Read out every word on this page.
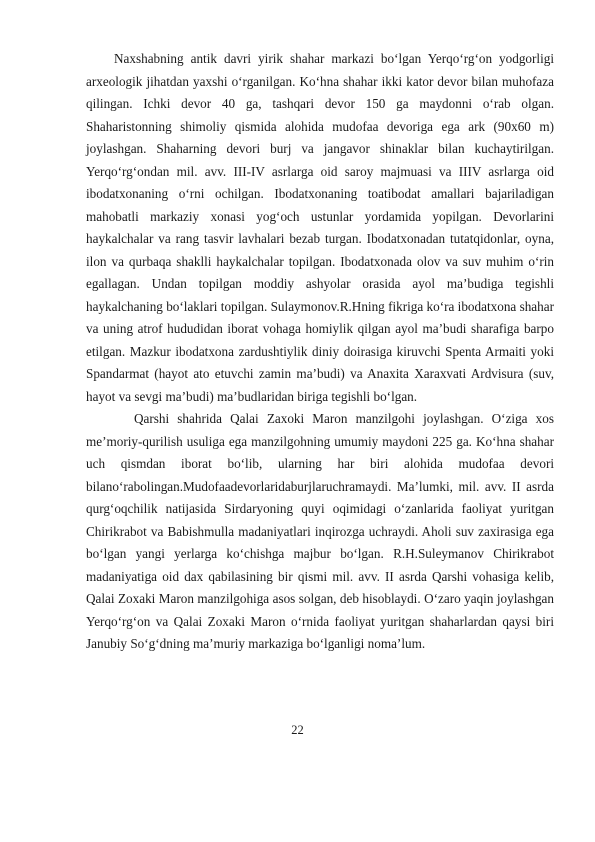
Naxshabning antik davri yirik shahar markazi bo‘lgan Yerqo‘rg‘on yodgorligi arxeologik jihatdan yaxshi o‘rganilgan. Ko‘hna shahar ikki kator devor bilan muhofaza qilingan. Ichki devor 40 ga, tashqari devor 150 ga maydonni o‘rab olgan. Shaharistonning shimoliy qismida alohida mudofaa devoriga ega ark (90x60 m) joylashgan. Shaharning devori burj va jangavor shinaklar bilan kuchaytirilgan. Yerqo‘rg‘ondan mil. avv. III-IV asrlarga oid saroy majmuasi va IIIV asrlarga oid ibodatxonaning o‘rni ochilgan. Ibodatxonaning toatibodat amallari bajariladigan mahobatli markaziy xonasi yog‘och ustunlar yordamida yopilgan. Devorlarini haykalchalar va rang tasvir lavhalari bezab turgan. Ibodatxonadan tutatqidonlar, oyna, ilon va qurbaqa shaklli haykalchalar topilgan. Ibodatxonada olov va suv muhim o‘rin egallagan. Undan topilgan moddiy ashyolar orasida ayol ma’budiga tegishli haykalchaning bo‘laklari topilgan. Sulaymonov.R.Hning fikriga ko‘ra ibodatxona shahar va uning atrof hududidan iborat vohaga homiylik qilgan ayol ma’budi sharafiga barpo etilgan. Mazkur ibodatxona zardushtiylik diniy doirasiga kiruvchi Spenta Armaiti yoki Spandarmat (hayot ato etuvchi zamin ma’budi) va Anaxita Xaraxvati Ardvisura (suv, hayot va sevgi ma’budi) ma’budlaridan biriga tegishli bo‘lgan.

Qarshi shahrida Qalai Zaxoki Maron manzilgohi joylashgan. O‘ziga xos me’moriy-qurilish usuliga ega manzilgohning umumiy maydoni 225 ga. Ko‘hna shahar uch qismdan iborat bo‘lib, ularning har biri alohida mudofaa devori bilano‘rabolingan.Mudofaadevorlaridaburjlaruchramaydi. Ma’lumki, mil. avv. II asrda qurg‘oqchilik natijasida Sirdaryoning quyi oqimidagi o‘zanlarida faoliyat yuritgan Chirikrabot va Babishmulla madaniyatlari inqirozga uchraydi. Aholi suv zaxirasiga ega bo‘lgan yangi yerlarga ko‘chishga majbur bo‘lgan. R.H.Suleymanov Chirikrabot madaniyatiga oid dax qabilasining bir qismi mil. avv. II asrda Qarshi vohasiga kelib, Qalai Zoxaki Maron manzilgohiga asos solgan, deb hisoblaydi. O‘zaro yaqin joylashgan Yerqo‘rg‘on va Qalai Zoxaki Maron o‘rnida faoliyat yuritgan shaharlardan qaysi biri Janubiy So‘g‘dning ma’muriy markaziga bo‘lganligi noma’lum.

22
